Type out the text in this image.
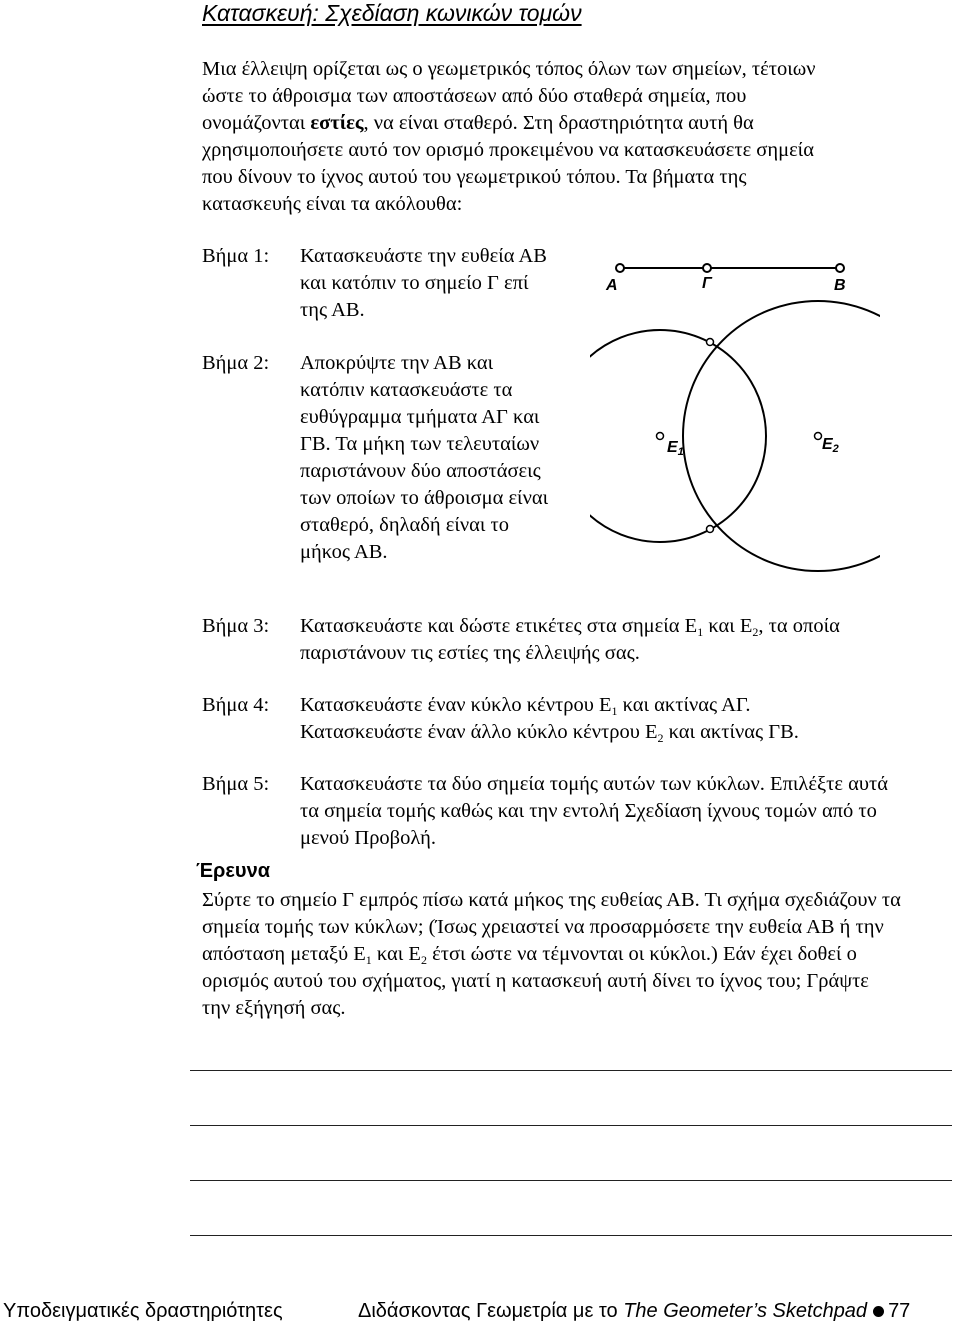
Κατασκευή: Σχεδίαση κωνικών τομών
Μια έλλειψη ορίζεται ως ο γεωμετρικός τόπος όλων των σημείων, τέτοιων ώστε το άθροισμα των αποστάσεων από δύο σταθερά σημεία, που ονομάζονται εστίες, να είναι σταθερό. Στη δραστηριότητα αυτή θα χρησιμοποιήσετε αυτό τον ορισμό προκειμένου να κατασκευάσετε σημεία που δίνουν το ίχνος αυτού του γεωμετρικού τόπου. Τα βήματα της κατασκευής είναι τα ακόλουθα:
Βήμα 1: Κατασκευάστε την ευθεία ΑΒ και κατόπιν το σημείο Γ επί της ΑΒ.
Βήμα 2: Αποκρύψτε την ΑΒ και κατόπιν κατασκευάστε τα ευθύγραμμα τμήματα ΑΓ και ΓΒ. Τα μήκη των τελευταίων παριστάνουν δύο αποστάσεις των οποίων το άθροισμα είναι σταθερό, δηλαδή είναι το μήκος ΑΒ.
Βήμα 3: Κατασκευάστε και δώστε ετικέτες στα σημεία $E_1$ και $E_2$, τα οποία παριστάνουν τις εστίες της έλλειψής σας.
Βήμα 4: Κατασκευάστε έναν κύκλο κέντρου $E_1$ και ακτίνας ΑΓ.
Κατασκευάστε έναν άλλο κύκλο κέντρου $E_2$ και ακτίνας ΓΒ.
Βήμα 5: Κατασκευάστε τα δύο σημεία τομής αυτών των κύκλων. Επιλέξτε αυτά τα σημεία τομής καθώς και την εντολή Σχεδίαση ίχνους τομών από το μενού Προβολή.
Α	Γ	Β
Ε1	Ε2
Έρευνα
Σύρτε το σημείο Γ εμπρός πίσω κατά μήκος της ευθείας ΑΒ. Τι σχήμα σχεδιάζουν τα σημεία τομής των κύκλων; (Ίσως χρειαστεί να προσαρμόσετε την ευθεία ΑΒ ή την απόσταση μεταξύ $E_1$ και $E_2$ έτσι ώστε να τέμνονται οι κύκλοι.) Εάν έχει δοθεί ο ορισμός αυτού του σχήματος, γιατί η κατασκευή αυτή δίνει το ίχνος του; Γράψτε την εξήγησή σας.
Υποδειγματικές δραστηριότητες	Διδάσκοντας Γεωμετρία με το The Geometer’s Sketchpad 77
